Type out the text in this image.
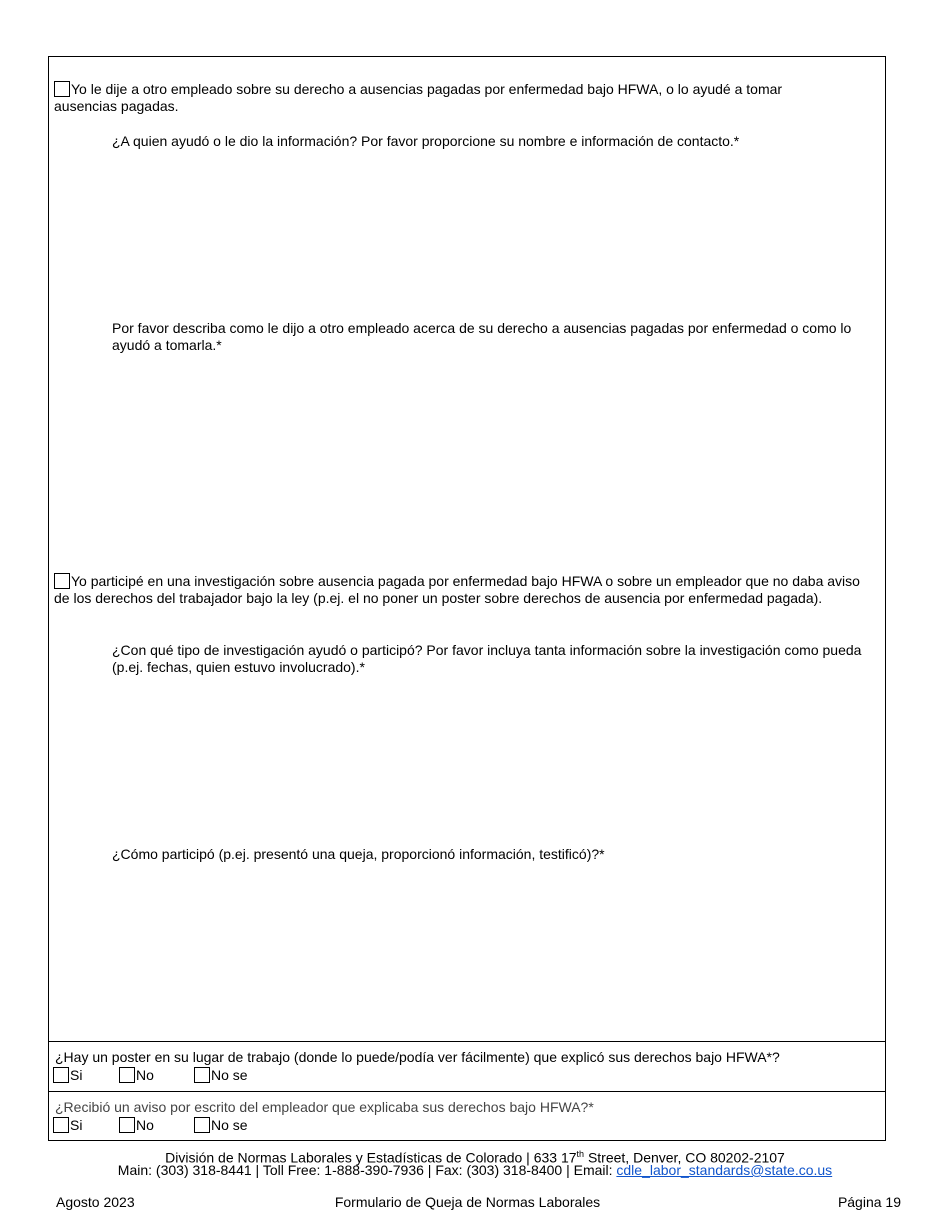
Yo le dije a otro empleado sobre su derecho a ausencias pagadas por enfermedad bajo HFWA, o lo ayudé a tomar ausencias pagadas.
¿A quien ayudó o le dio la información? Por favor proporcione su nombre e información de contacto.*
Por favor describa como le dijo a otro empleado acerca de su derecho a ausencias pagadas por enfermedad o como lo ayudó a tomarla.*
Yo participé en una investigación sobre ausencia pagada por enfermedad bajo HFWA o sobre un empleador que no daba aviso de los derechos del trabajador bajo la ley (p.ej. el no poner un poster sobre derechos de ausencia por enfermedad pagada).
¿Con qué tipo de investigación ayudó o participó? Por favor incluya tanta información sobre la investigación como pueda (p.ej. fechas, quien estuvo involucrado).*
¿Cómo participó (p.ej. presentó una queja, proporcionó información, testificó)?*
¿Hay un poster en su lugar de trabajo (donde lo puede/podía ver fácilmente) que explicó sus derechos bajo HFWA*?
Si	No	No se
¿Recibió un aviso por escrito del empleador que explicaba sus derechos bajo HFWA?*
Si	No	No se
División de Normas Laborales y Estadísticas de Colorado | 633 17th Street, Denver, CO 80202-2107
Main: (303) 318-8441 | Toll Free: 1-888-390-7936 | Fax: (303) 318-8400 | Email: cdle_labor_standards@state.co.us
Agosto 2023	Formulario de Queja de Normas Laborales	Página 19
